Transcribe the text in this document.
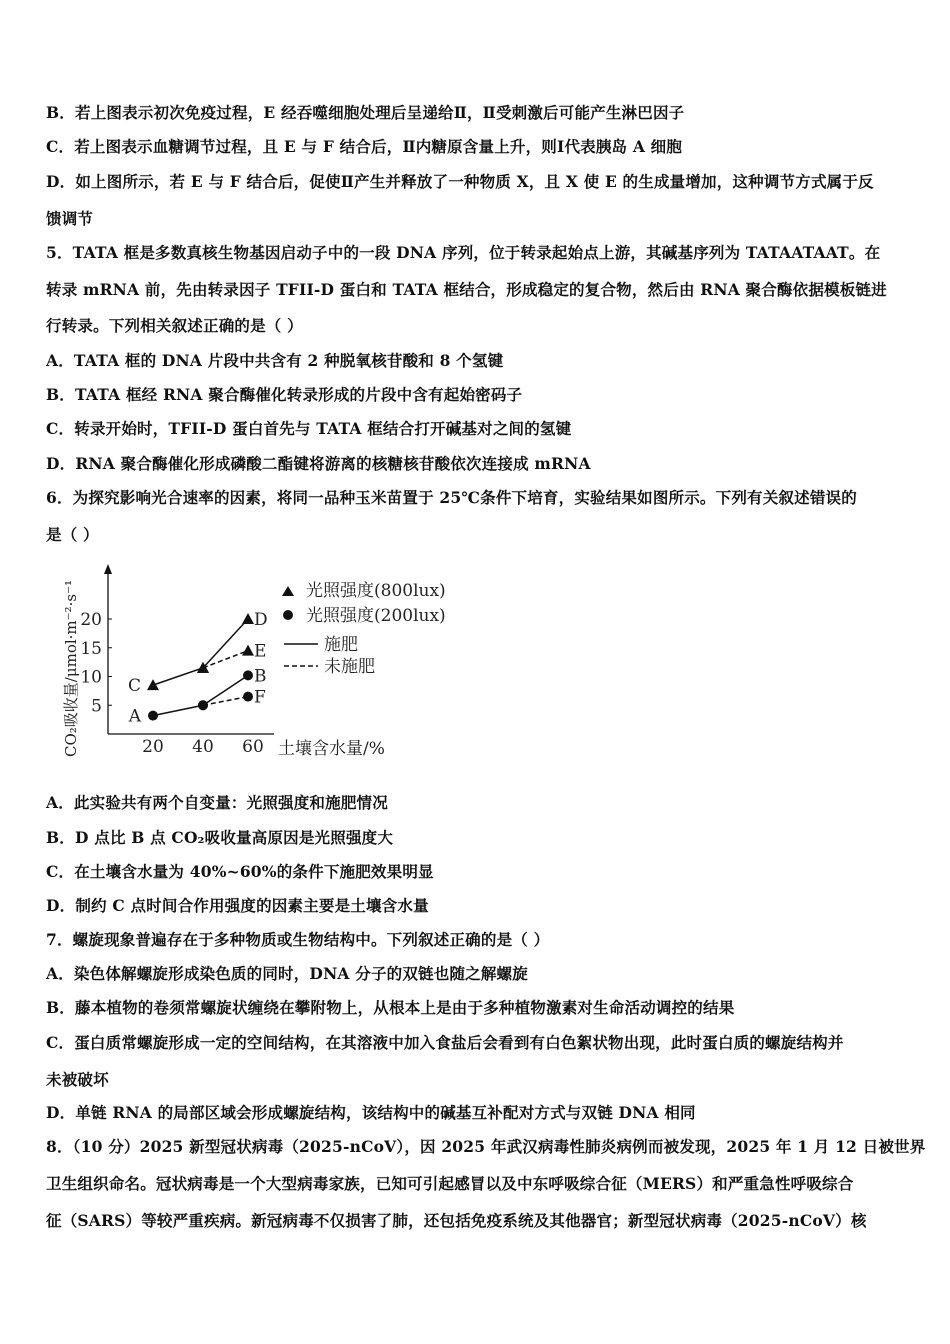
B．若上图表示初次免疫过程，E 经吞噬细胞处理后呈递给Ⅱ，Ⅱ受刺激后可能产生淋巴因子
C．若上图表示血糖调节过程，且 E 与 F 结合后，Ⅱ内糖原含量上升，则Ⅰ代表胰岛 A 细胞
D．如上图所示，若 E 与 F 结合后，促使Ⅱ产生并释放了一种物质 X，且 X 使 E 的生成量增加，这种调节方式属于反
馈调节
5．TATA 框是多数真核生物基因启动子中的一段 DNA 序列，位于转录起始点上游，其碱基序列为 TATAATAAT。在
转录 mRNA 前，先由转录因子 TFII-D 蛋白和 TATA 框结合，形成稳定的复合物，然后由 RNA 聚合酶依据模板链进
行转录。下列相关叙述正确的是（ ）
A．TATA 框的 DNA 片段中共含有 2 种脱氧核苷酸和 8 个氢键
B．TATA 框经 RNA 聚合酶催化转录形成的片段中含有起始密码子
C．转录开始时，TFII-D 蛋白首先与 TATA 框结合打开碱基对之间的氢键
D．RNA 聚合酶催化形成磷酸二酯键将游离的核糖核苷酸依次连接成 mRNA
6．为探究影响光合速率的因素，将同一品种玉米苗置于 25℃条件下培育，实验结果如图所示。下列有关叙述错误的
是（ ）
5
10
15
20
20 40 60 土壤含水量/%
CO₂吸收量/μmol·m⁻²·s⁻¹	C
D
E
A
B
F
光照强度(800lux)
光照强度(200lux)
施肥
未施肥
A．此实验共有两个自变量：光照强度和施肥情况
B．D 点比 B 点 CO₂吸收量高原因是光照强度大
C．在土壤含水量为 40%~60%的条件下施肥效果明显
D．制约 C 点时间合作用强度的因素主要是土壤含水量
7．螺旋现象普遍存在于多种物质或生物结构中。下列叙述正确的是（ ）
A．染色体解螺旋形成染色质的同时，DNA 分子的双链也随之解螺旋
B．藤本植物的卷须常螺旋状缠绕在攀附物上，从根本上是由于多种植物激素对生命活动调控的结果
C．蛋白质常螺旋形成一定的空间结构，在其溶液中加入食盐后会看到有白色絮状物出现，此时蛋白质的螺旋结构并
未被破坏
D．单链 RNA 的局部区域会形成螺旋结构，该结构中的碱基互补配对方式与双链 DNA 相同
8．（10 分）2025 新型冠状病毒（2025-nCoV），因 2025 年武汉病毒性肺炎病例而被发现，2025 年 1 月 12 日被世界
卫生组织命名。冠状病毒是一个大型病毒家族，已知可引起感冒以及中东呼吸综合征（MERS）和严重急性呼吸综合
征（SARS）等较严重疾病。新冠病毒不仅损害了肺，还包括免疫系统及其他器官；新型冠状病毒（2025-nCoV）核
